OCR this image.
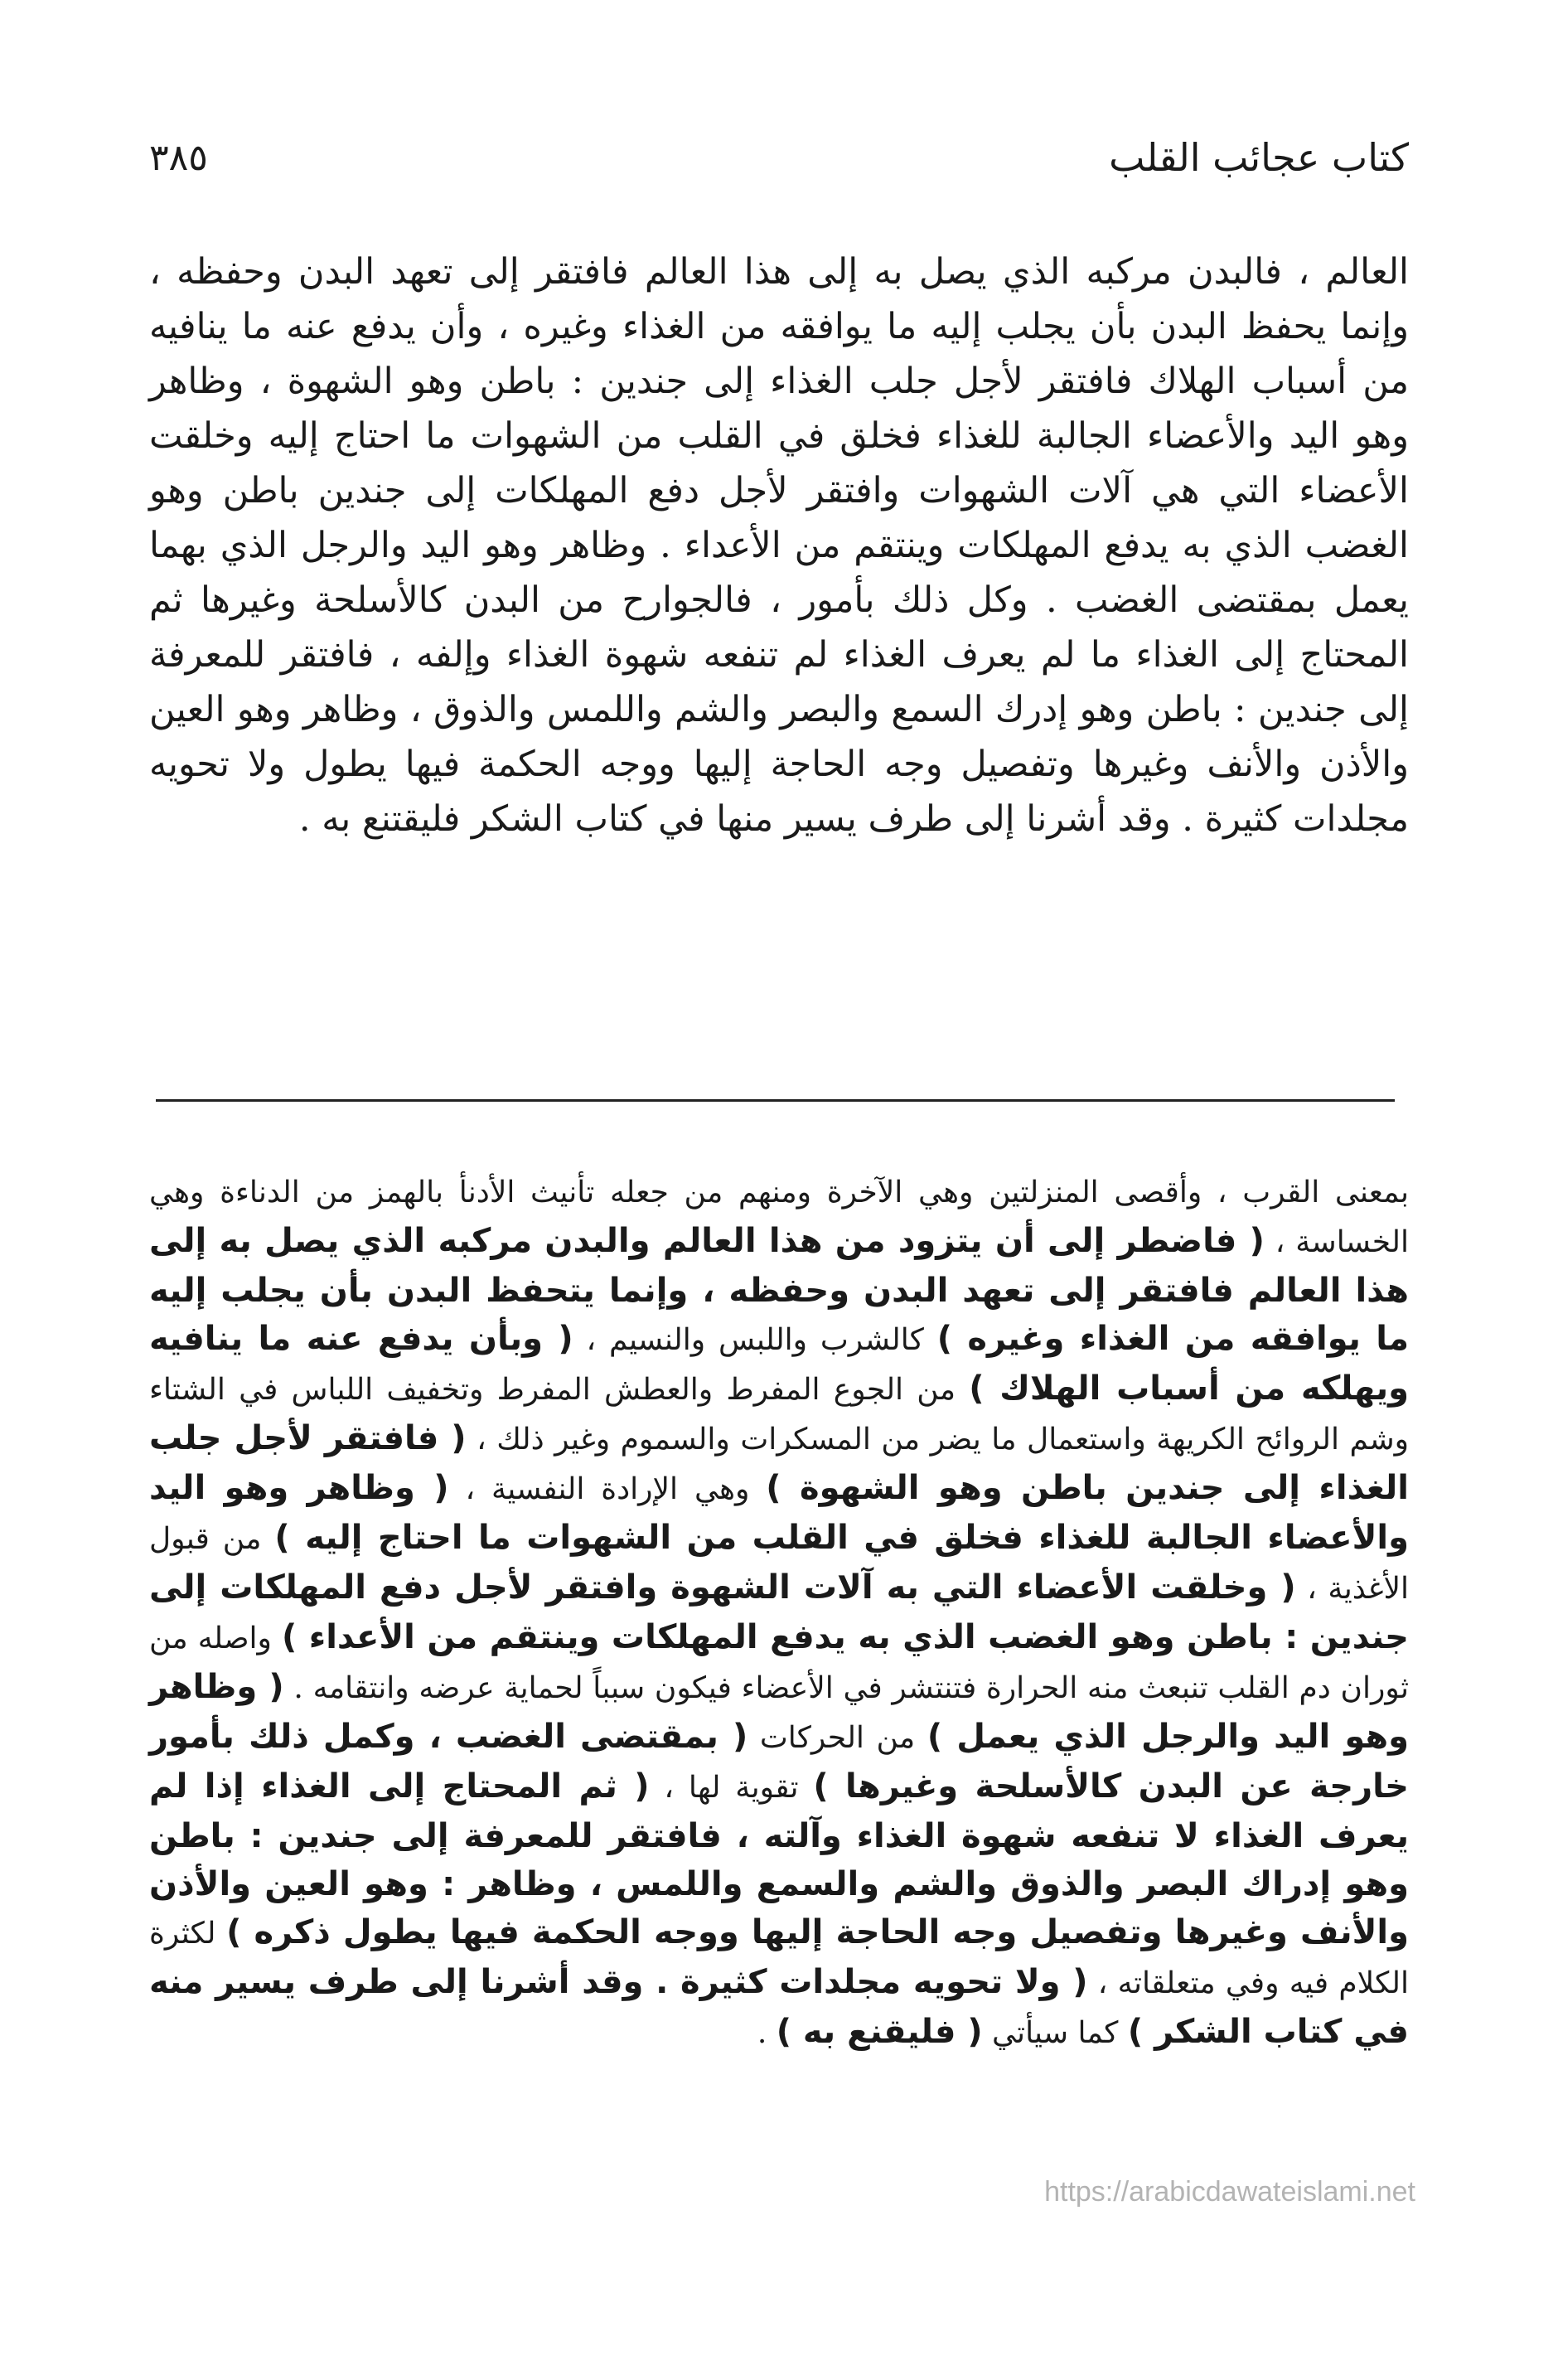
كتاب عجائب القلب
٣٨٥

العالم ، فالبدن مركبه الذي يصل به إلى هذا العالم فافتقر إلى تعهد البدن وحفظه ، وإنما يحفظ البدن بأن يجلب إليه ما يوافقه من الغذاء وغيره ، وأن يدفع عنه ما ينافيه من أسباب الهلاك فافتقر لأجل جلب الغذاء إلى جندين : باطن وهو الشهوة ، وظاهر وهو اليد والأعضاء الجالبة للغذاء فخلق في القلب من الشهوات ما احتاج إليه وخلقت الأعضاء التي هي آلات الشهوات وافتقر لأجل دفع المهلكات إلى جندين باطن وهو الغضب الذي به يدفع المهلكات وينتقم من الأعداء . وظاهر وهو اليد والرجل الذي بهما يعمل بمقتضى الغضب . وكل ذلك بأمور ، فالجوارح من البدن كالأسلحة وغيرها ثم المحتاج إلى الغذاء ما لم يعرف الغذاء لم تنفعه شهوة الغذاء وإلفه ، فافتقر للمعرفة إلى جندين : باطن وهو إدرك السمع والبصر والشم واللمس والذوق ، وظاهر وهو العين والأذن والأنف وغيرها وتفصيل وجه الحاجة إليها ووجه الحكمة فيها يطول ولا تحويه مجلدات كثيرة . وقد أشرنا إلى طرف يسير منها في كتاب الشكر فليقتنع به .

بمعنى القرب ، وأقصى المنزلتين وهي الآخرة ومنهم من جعله تأنيث الأدنأ بالهمز من الدناءة وهي الخساسة ، ( فاضطر إلى أن يتزود من هذا العالم والبدن مركبه الذي يصل به إلى هذا العالم فافتقر إلى تعهد البدن وحفظه ، وإنما يتحفظ البدن بأن يجلب إليه ما يوافقه من الغذاء وغيره ) كالشرب واللبس والنسيم ، ( وبأن يدفع عنه ما ينافيه ويهلكه من أسباب الهلاك ) من الجوع المفرط والعطش المفرط وتخفيف اللباس في الشتاء وشم الروائح الكريهة واستعمال ما يضر من المسكرات والسموم وغير ذلك ، ( فافتقر لأجل جلب الغذاء إلى جندين باطن وهو الشهوة ) وهي الإرادة النفسية ، ( وظاهر وهو اليد والأعضاء الجالبة للغذاء فخلق في القلب من الشهوات ما احتاج إليه ) من قبول الأغذية ، ( وخلقت الأعضاء التي به آلات الشهوة وافتقر لأجل دفع المهلكات إلى جندين : باطن وهو الغضب الذي به يدفع المهلكات وينتقم من الأعداء ) واصله من ثوران دم القلب تنبعث منه الحرارة فتنتشر في الأعضاء فيكون سبباً لحماية عرضه وانتقامه . ( وظاهر وهو اليد والرجل الذي يعمل ) من الحركات ( بمقتضى الغضب ، وكمل ذلك بأمور خارجة عن البدن كالأسلحة وغيرها ) تقوية لها ، ( ثم المحتاج إلى الغذاء إذا لم يعرف الغذاء لا تنفعه شهوة الغذاء وآلته ، فافتقر للمعرفة إلى جندين : باطن وهو إدراك البصر والذوق والشم والسمع واللمس ، وظاهر : وهو العين والأذن والأنف وغيرها وتفصيل وجه الحاجة إليها ووجه الحكمة فيها يطول ذكره ) لكثرة الكلام فيه وفي متعلقاته ، ( ولا تحويه مجلدات كثيرة . وقد أشرنا إلى طرف يسير منه في كتاب الشكر ) كما سيأتي ( فليقنع به ) .

https://arabicdawateislami.net
